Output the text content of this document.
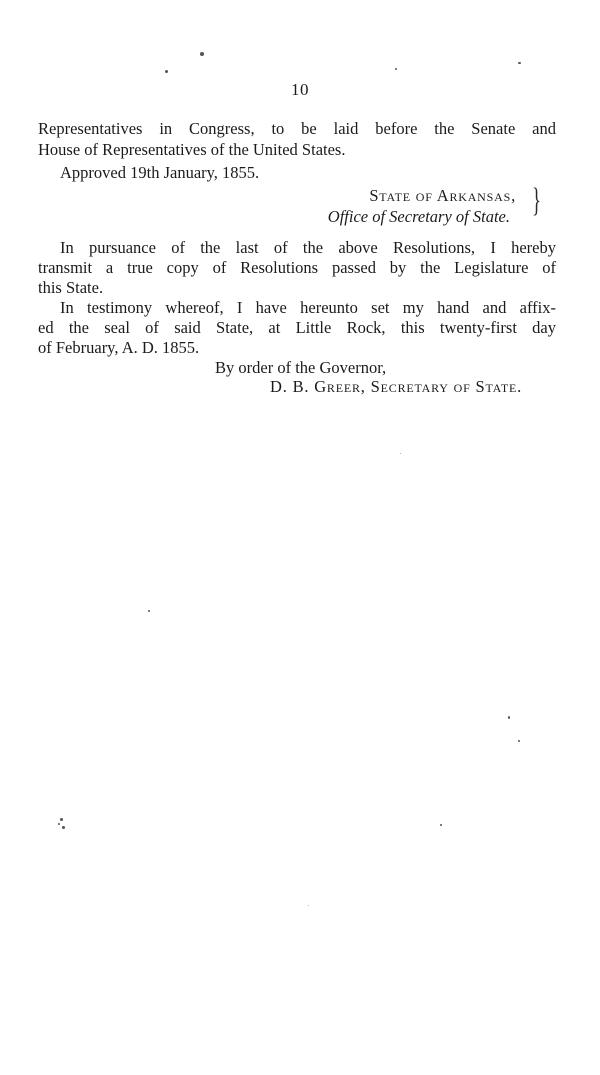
10
Representatives in Congress, to be laid before the Senate and
House of Representatives of the United States.
Approved 19th January, 1855.
State of Arkansas,
Office of Secretary of State. }
In pursuance of the last of the above Resolutions, I hereby
transmit a true copy of Resolutions passed by the Legislature of
this State.
In testimony whereof, I have hereunto set my hand and affix-
ed the seal of said State, at Little Rock, this twenty-first day
of February, A. D. 1855.
By order of the Governor,
D. B. Greer, Secretary of State.
